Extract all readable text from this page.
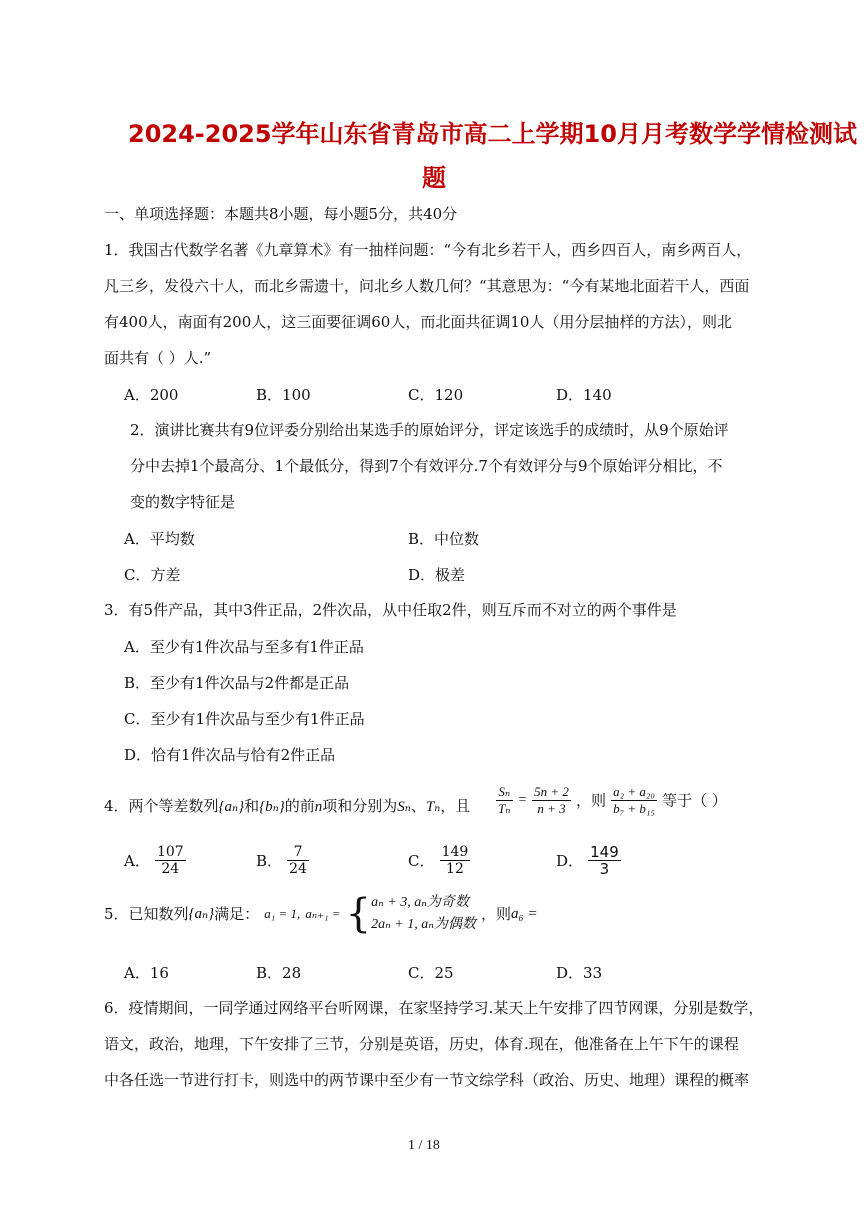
2024-2025学年山东省青岛市高二上学期10月月考数学学情检测试
题
一、单项选择题：本题共8小题，每小题5分，共40分
1．我国古代数学名著《九章算术》有一抽样问题：“今有北乡若干人，西乡四百人，南乡两百人，
凡三乡，发役六十人，而北乡需遗十，问北乡人数几何？“其意思为：“今有某地北面若干人，西面
有400人，南面有200人，这三面要征调60人，而北面共征调10人（用分层抽样的方法），则北
面共有（ ）人.”
A．200	B．100	C．120	D．140
2．演讲比赛共有9位评委分别给出某选手的原始评分，评定该选手的成绩时，从9个原始评
分中去掉1个最高分、1个最低分，得到7个有效评分.7个有效评分与9个原始评分相比，不
变的数字特征是
A．平均数	B．中位数
C．方差	D．极差
3．有5件产品，其中3件正品，2件次品，从中任取2件，则互斥而不对立的两个事件是
A．至少有1件次品与至多有1件正品
B．至少有1件次品与2件都是正品
C．至少有1件次品与至少有1件正品
D．恰有1件次品与恰有2件正品
4．两个等差数列{aₙ}和{bₙ}的前n项和分别为Sₙ、Tₙ，且 $\frac{\text{Sₙ}}{\text{Tₙ}} = \frac{5n + 2}{n + 3}$ ，则 $\frac{\text{a₂ + a₂₀}}{\text{b₇ + b₁₅}}$ 等于（ ）
A． $\frac{107}{24}$	B． $\frac{7}{24}$	C． $\frac{149}{12}$	D． $\frac{149}{3}$
5．已知数列{aₙ}满足： a₁ = 1, aₙ₊₁ = { aₙ + 3, aₙ为奇数
2aₙ + 1, aₙ为偶数
，则a₆ =
A．16	B．28	C．25	D．33
6．疫情期间，一同学通过网络平台听网课，在家坚持学习.某天上午安排了四节网课，分别是数学，
语文，政治，地理，下午安排了三节，分别是英语，历史，体育.现在，他准备在上午下午的课程
中各任选一节进行打卡，则选中的两节课中至少有一节文综学科（政治、历史、地理）课程的概率
1 / 18
